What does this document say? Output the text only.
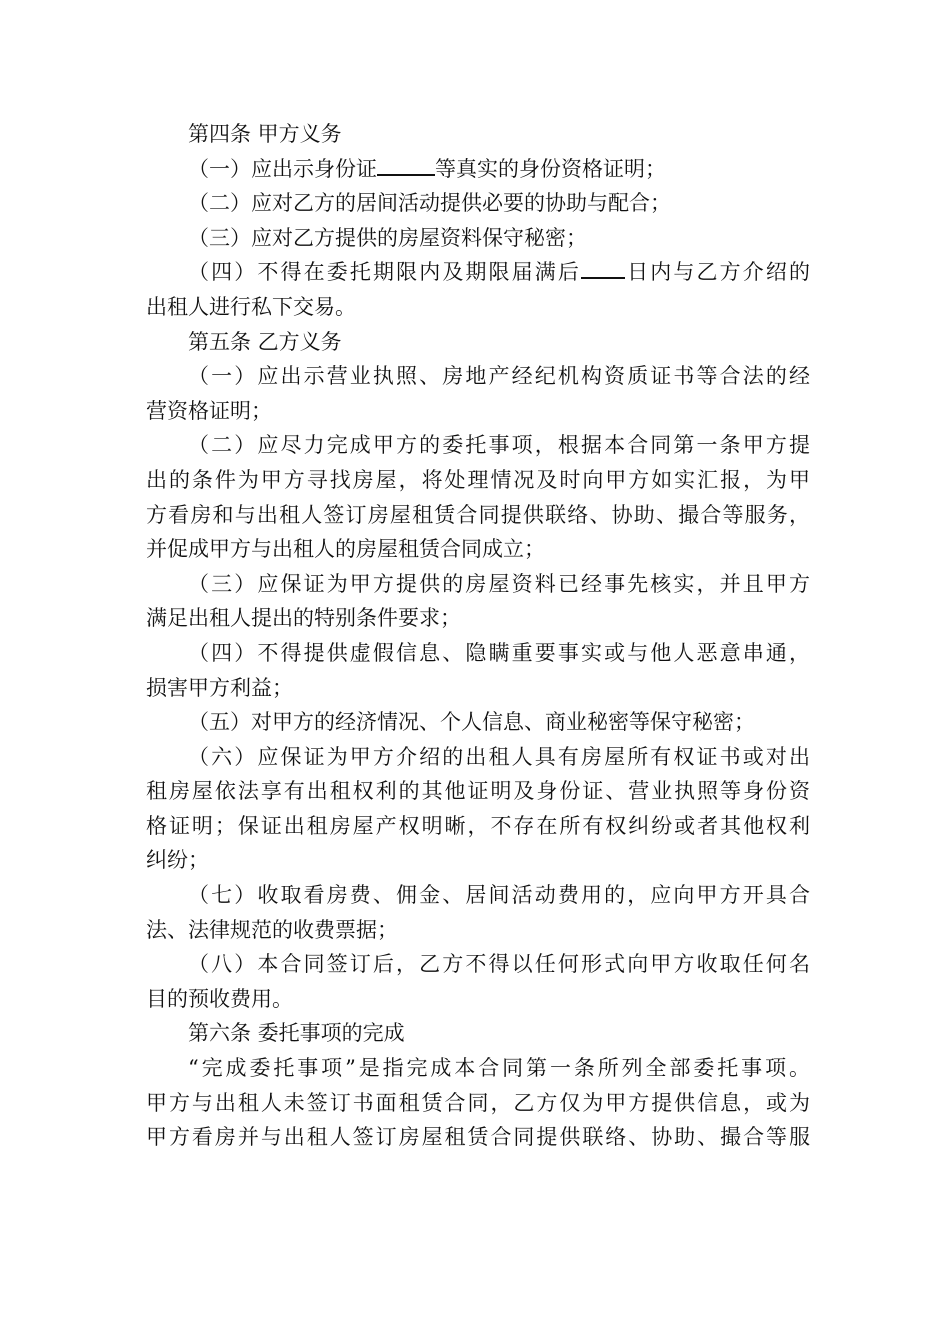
第四条 甲方义务
（一）应出示身份证	等真实的身份资格证明；
（二）应对乙方的居间活动提供必要的协助与配合；
（三）应对乙方提供的房屋资料保守秘密；
（四）不得在委托期限内及期限届满后 日内与乙方介绍的
出租人进行私下交易。
第五条 乙方义务
（一）应出示营业执照、房地产经纪机构资质证书等合法的经
营资格证明；
（二）应尽力完成甲方的委托事项，根据本合同第一条甲方提
出的条件为甲方寻找房屋，将处理情况及时向甲方如实汇报，为甲
方看房和与出租人签订房屋租赁合同提供联络、协助、撮合等服务，
并促成甲方与出租人的房屋租赁合同成立；
（三）应保证为甲方提供的房屋资料已经事先核实，并且甲方
满足出租人提出的特别条件要求；
（四）不得提供虚假信息、隐瞒重要事实或与他人恶意串通，
损害甲方利益；
（五）对甲方的经济情况、个人信息、商业秘密等保守秘密；
（六）应保证为甲方介绍的出租人具有房屋所有权证书或对出
租房屋依法享有出租权利的其他证明及身份证、营业执照等身份资
格证明；保证出租房屋产权明晰，不存在所有权纠纷或者其他权利
纠纷；
（七）收取看房费、佣金、居间活动费用的，应向甲方开具合
法、法律规范的收费票据；
（八）本合同签订后，乙方不得以任何形式向甲方收取任何名
目的预收费用。
第六条 委托事项的完成
“完成委托事项”是指完成本合同第一条所列全部委托事项。
甲方与出租人未签订书面租赁合同，乙方仅为甲方提供信息，或为
甲方看房并与出租人签订房屋租赁合同提供联络、协助、撮合等服
